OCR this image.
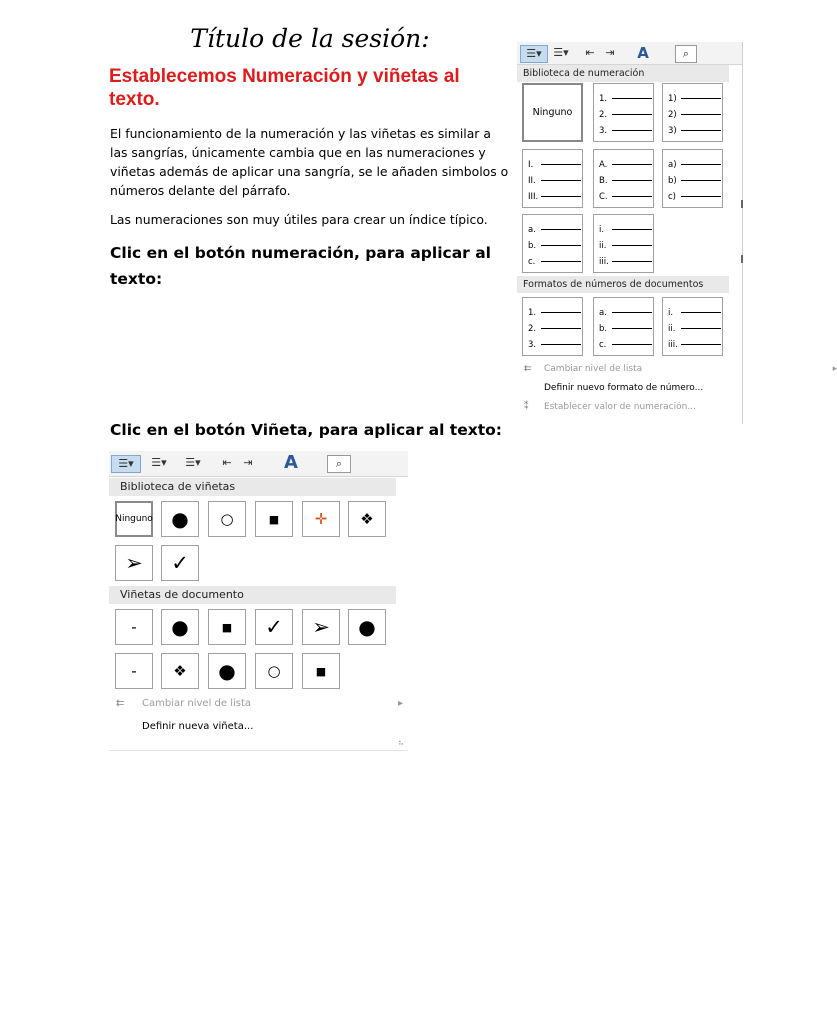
Título de la sesión:
Establecemos Numeración y viñetas al texto.
El funcionamiento de la numeración y las viñetas es similar a las sangrías, únicamente cambia que en las numeraciones y viñetas además de aplicar una sangría, se le añaden simbolos o números delante del párrafo.
Las numeraciones son muy útiles para crear un índice típico.
Clic en el botón numeración, para aplicar al texto:
Clic en el botón Viñeta, para aplicar al texto:
☰▾	☰▾	⇤ ⇥	A	⌕
Biblioteca de numeración
Ninguno
1.
2.
3.
1)
2)
3)
I.
II.
III.
A.
B.
C.
a)
b)
c)
a.
b.
c.
i.
ii.
iii.
Formatos de números de documentos
1.
2.
3.
a.
b.
c.
i.
ii.
iii.
⇇ Cambiar nivel de lista	▸
Definir nuevo formato de número...
⁑ Establecer valor de numeración...
☰▾	☰▾	☰▾	⇤	⇥ A	⌕
Biblioteca de viñetas
Ninguno ● ○	■ ✛ ❖
➢ ✓
Viñetas de documento
- ●	■ ✓ ➢ ●
- ❖ ● ○	■
⇇ Cambiar nivel de lista	▸
Definir nueva viñeta...
⠦
